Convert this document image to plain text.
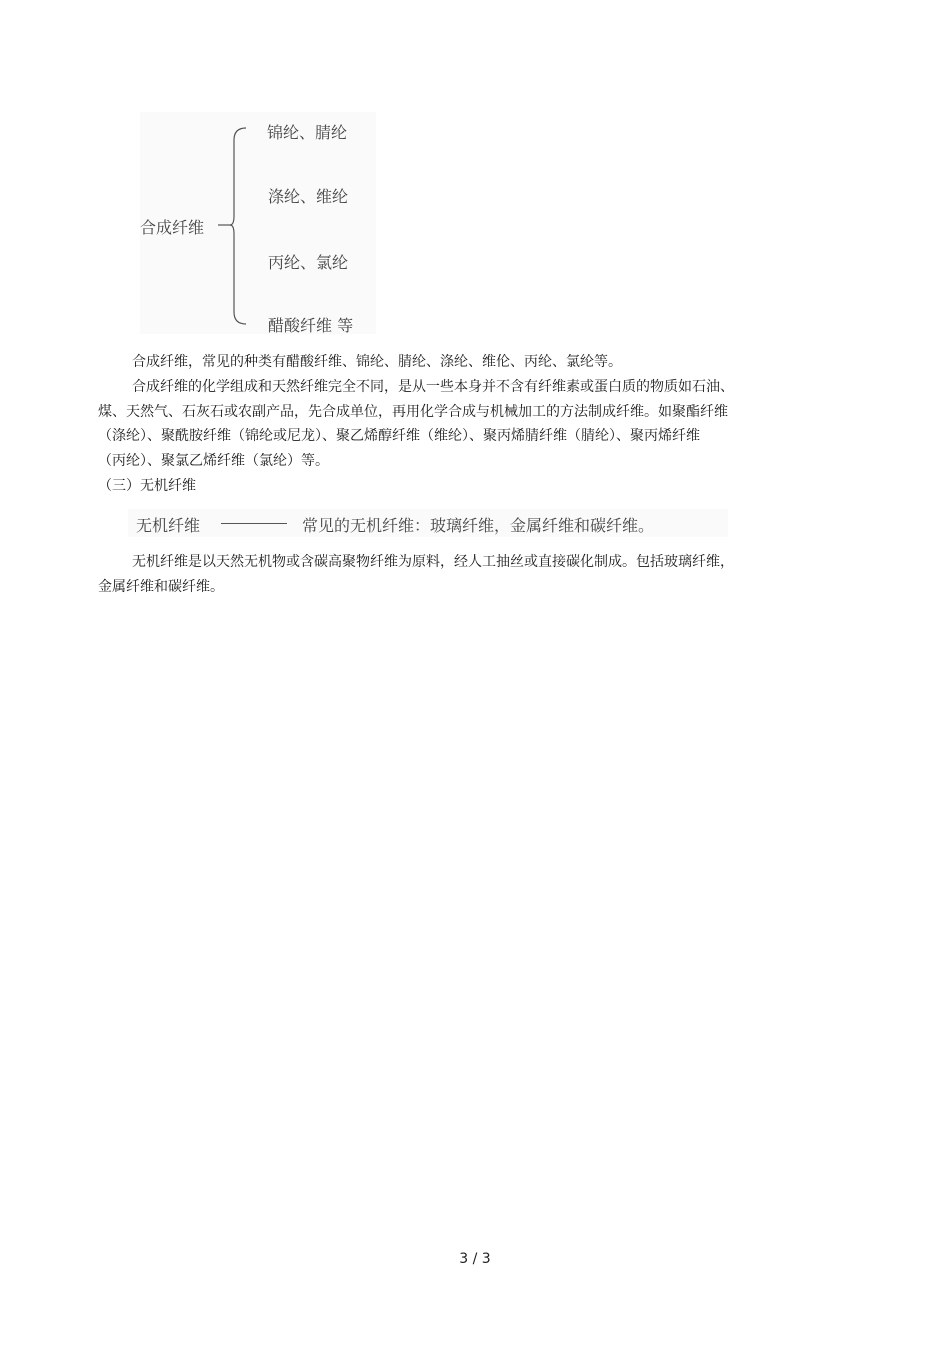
合成纤维
锦纶、腈纶
涤纶、维纶
丙纶、氯纶
醋酸纤维 等
合成纤维，常见的种类有醋酸纤维、锦纶、腈纶、涤纶、维伦、丙纶、氯纶等。
合成纤维的化学组成和天然纤维完全不同，是从一些本身并不含有纤维素或蛋白质的物质如石油、
煤、天然气、石灰石或农副产品，先合成单位，再用化学合成与机械加工的方法制成纤维。如聚酯纤维
（涤纶）、聚酰胺纤维（锦纶或尼龙）、聚乙烯醇纤维（维纶）、聚丙烯腈纤维（腈纶）、聚丙烯纤维
（丙纶）、聚氯乙烯纤维（氯纶）等。
（三）无机纤维
无机纤维	常见的无机纤维：玻璃纤维，金属纤维和碳纤维。
无机纤维是以天然无机物或含碳高聚物纤维为原料，经人工抽丝或直接碳化制成。包括玻璃纤维，
金属纤维和碳纤维。
3 / 3
